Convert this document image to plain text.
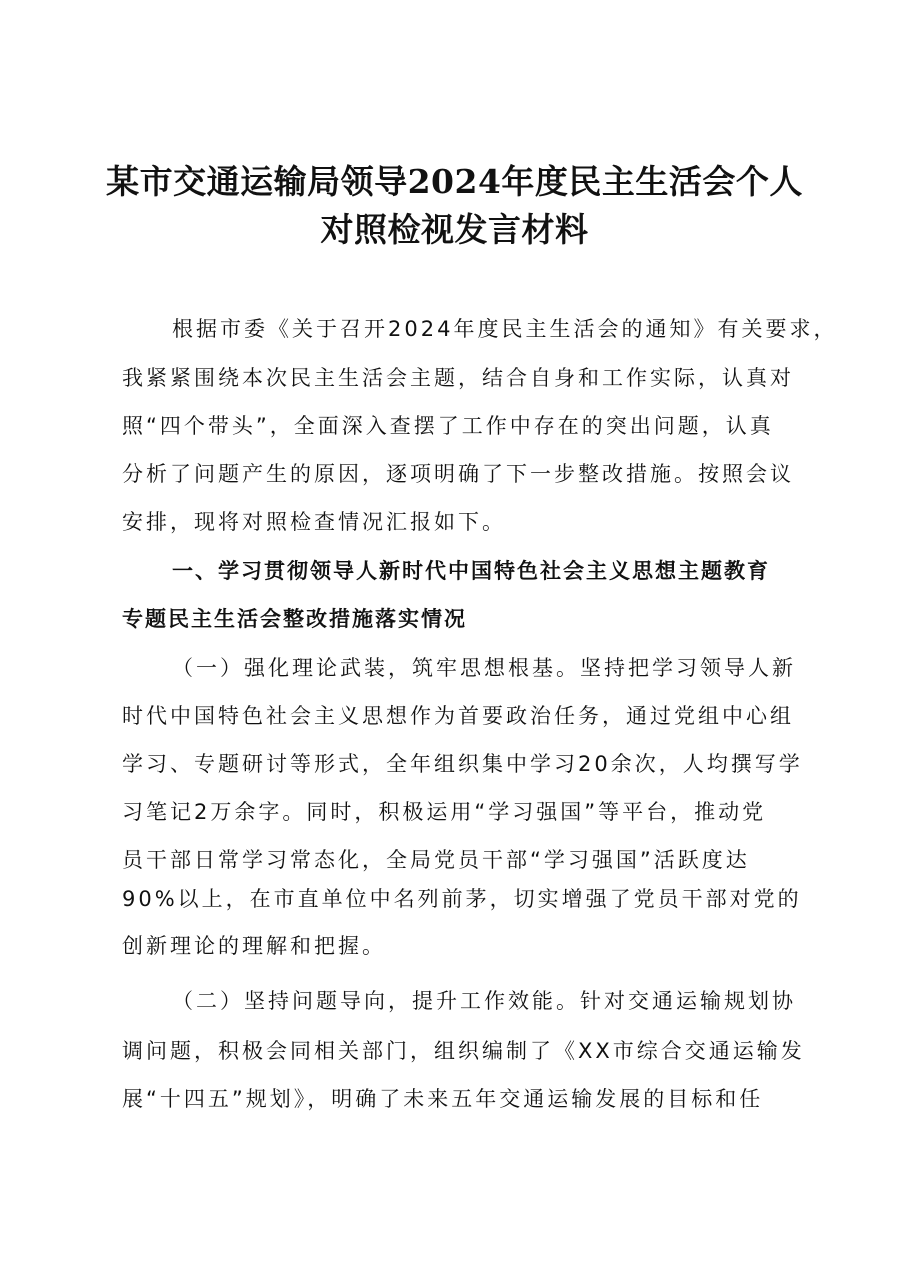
某市交通运输局领导2024年度民主生活会个人
对照检视发言材料
根据市委《关于召开2024年度民主生活会的通知》有关要求，
我紧紧围绕本次民主生活会主题，结合自身和工作实际，认真对
照“四个带头”，全面深入查摆了工作中存在的突出问题，认真
分析了问题产生的原因，逐项明确了下一步整改措施。按照会议
安排，现将对照检查情况汇报如下。
一、学习贯彻领导人新时代中国特色社会主义思想主题教育
专题民主生活会整改措施落实情况
（一）强化理论武装，筑牢思想根基。坚持把学习领导人新
时代中国特色社会主义思想作为首要政治任务，通过党组中心组
学习、专题研讨等形式，全年组织集中学习20余次，人均撰写学
习笔记2万余字。同时，积极运用“学习强国”等平台，推动党
员干部日常学习常态化，全局党员干部“学习强国”活跃度达
90%以上，在市直单位中名列前茅，切实增强了党员干部对党的
创新理论的理解和把握。
（二）坚持问题导向，提升工作效能。针对交通运输规划协
调问题，积极会同相关部门，组织编制了《XX市综合交通运输发
展“十四五”规划》，明确了未来五年交通运输发展的目标和任
